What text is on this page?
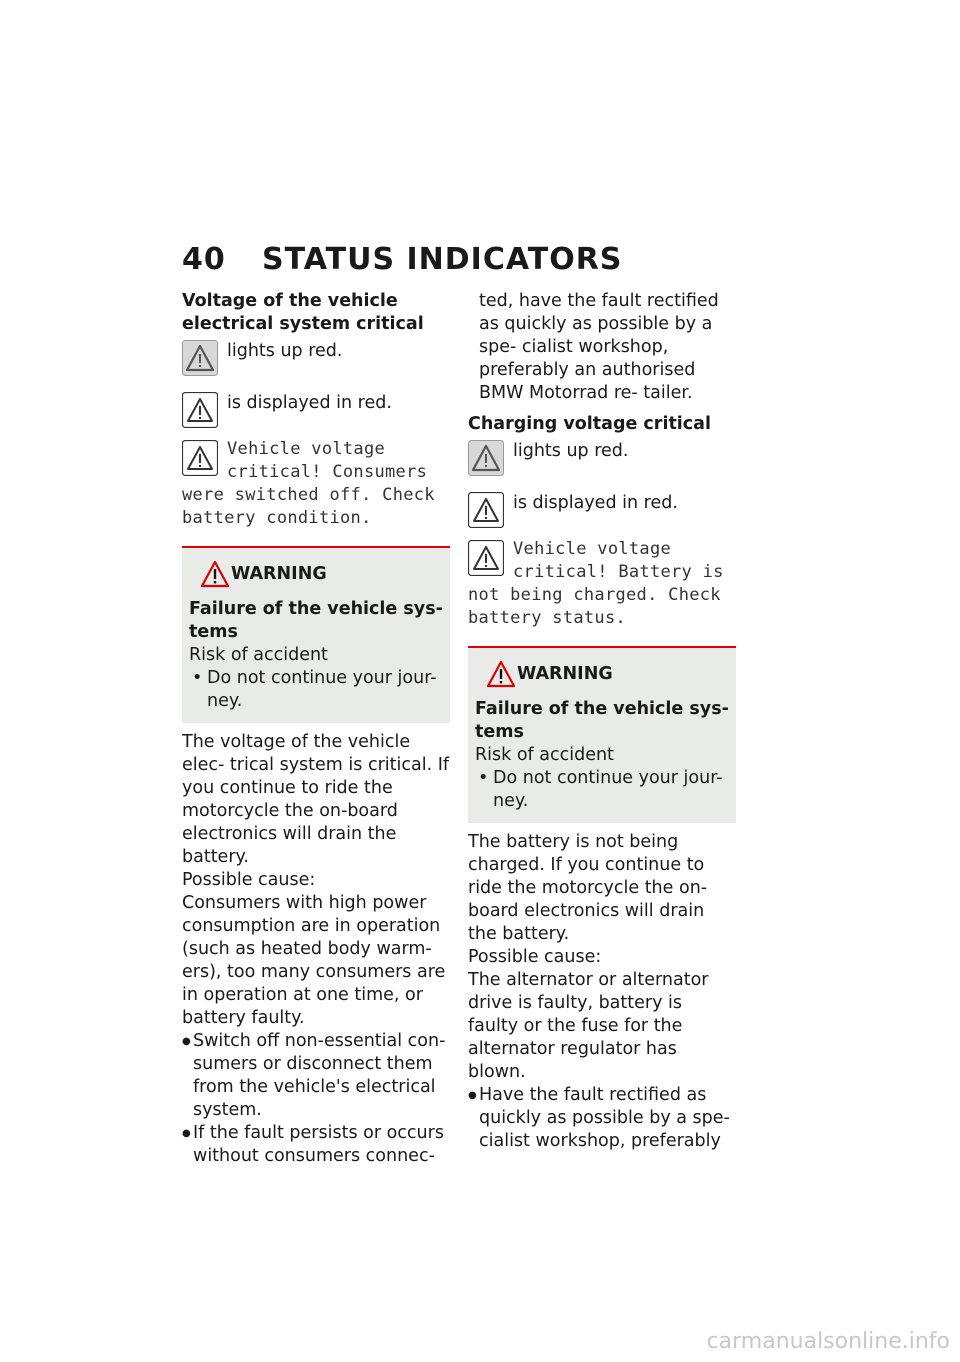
40 STATUS INDICATORS

Voltage of the vehicle electrical system critical

lights up red.
is displayed in red.
Vehicle voltage
critical! Consumers
were switched off. Check
battery condition.
WARNING
Failure of the vehicle sys- tems
Risk of accident
• Do not continue your jour- ney.

The voltage of the vehicle elec- trical system is critical. If you continue to ride the motorcycle the on-board electronics will drain the battery.

Possible cause:

Consumers with high power consumption are in operation (such as heated body warm- ers), too many consumers are in operation at one time, or battery faulty.

● Switch off non-essential con- sumers or disconnect them from the vehicle's electrical system.
● If the fault persists or occurs without consumers connec-

ted, have the fault rectified as quickly as possible by a spe- cialist workshop, preferably an authorised BMW Motorrad re- tailer.

Charging voltage critical

lights up red.
is displayed in red.
Vehicle voltage
critical! Battery is
not being charged. Check
battery status.
WARNING
Failure of the vehicle sys- tems
Risk of accident
• Do not continue your jour- ney.

The battery is not being charged. If you continue to ride the motorcycle the on- board electronics will drain the battery.

Possible cause:

The alternator or alternator drive is faulty, battery is faulty or the fuse for the alternator regulator has blown.

● Have the fault rectified as quickly as possible by a spe- cialist workshop, preferably
carmanualsonline.info
